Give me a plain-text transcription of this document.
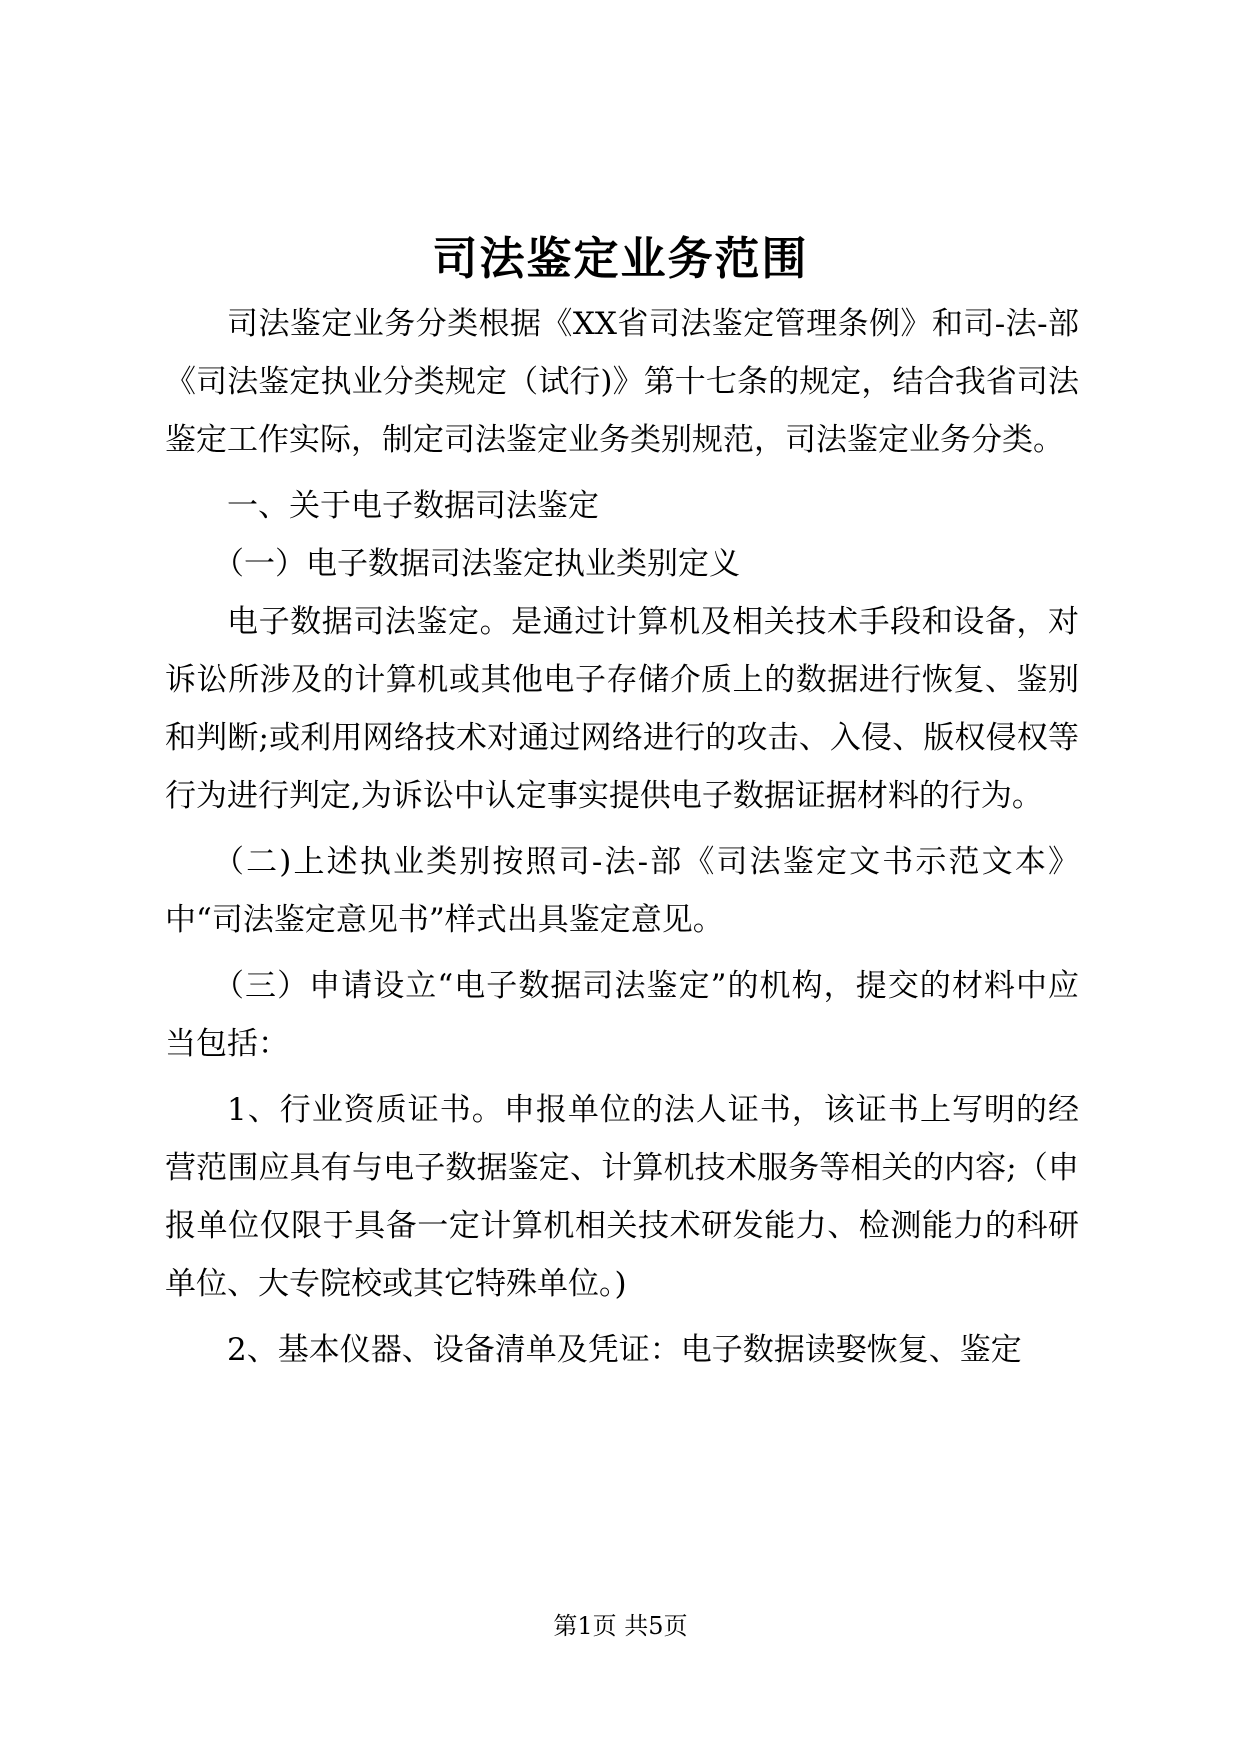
司法鉴定业务范围

司法鉴定业务分类根据《XX省司法鉴定管理条例》和司-法-部《司法鉴定执业分类规定（试行)》第十七条的规定，结合我省司法鉴定工作实际，制定司法鉴定业务类别规范，司法鉴定业务分类。

一、关于电子数据司法鉴定

（一）电子数据司法鉴定执业类别定义

电子数据司法鉴定。是通过计算机及相关技术手段和设备，对诉讼所涉及的计算机或其他电子存储介质上的数据进行恢复、鉴别和判断;或利用网络技术对通过网络进行的攻击、入侵、版权侵权等行为进行判定,为诉讼中认定事实提供电子数据证据材料的行为。

（二)上述执业类别按照司-法-部《司法鉴定文书示范文本》中“司法鉴定意见书”样式出具鉴定意见。

（三）申请设立“电子数据司法鉴定”的机构，提交的材料中应当包括：

1、行业资质证书。申报单位的法人证书，该证书上写明的经营范围应具有与电子数据鉴定、计算机技术服务等相关的内容;（申报单位仅限于具备一定计算机相关技术研发能力、检测能力的科研单位、大专院校或其它特殊单位。)

2、基本仪器、设备清单及凭证：电子数据读娶恢复、鉴定

第1页 共5页
